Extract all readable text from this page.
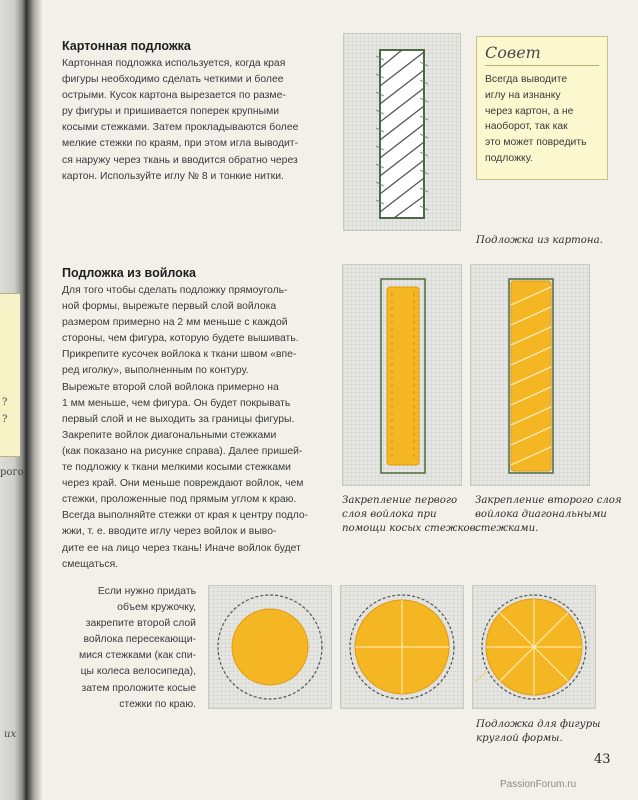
?
?
рого
их
Картонная подложка
Картонная подложка используется, когда края
фигуры необходимо сделать четкими и более
острыми. Кусок картона вырезается по разме-
ру фигуры и пришивается поперек крупными
косыми стежками. Затем прокладываются более
мелкие стежки по краям, при этом игла выводит-
ся наружу через ткань и вводится обратно через
картон. Используйте иглу № 8 и тонкие нитки.
Совет
Всегда выводите
иглу на изнанку
через картон, а не
наоборот, так как
это может повредить
подложку.
Подложка из картона.
Подложка из войлока
Для того чтобы сделать подложку прямоуголь-
ной формы, вырежьте первый слой войлока
размером примерно на 2 мм меньше с каждой
стороны, чем фигура, которую будете вышивать.
Прикрепите кусочек войлока к ткани швом «впе-
ред иголку», выполненным по контуру.
Вырежьте второй слой войлока примерно на
1 мм меньше, чем фигура. Он будет покрывать
первый слой и не выходить за границы фигуры.
Закрепите войлок диагональными стежками
(как показано на рисунке справа). Далее пришей-
те подложку к ткани мелкими косыми стежками
через край. Они меньше повреждают войлок, чем
стежки, проложенные под прямым углом к краю.
Всегда выполняйте стежки от края к центру подло-
жжи, т. е. вводите иглу через войлок и выво-
дите ее на лицо через ткань! Иначе войлок будет
смещаться.
Закрепление первого
слоя войлока при
помощи косых стежков.
Закрепление второго слоя
войлока диагональными
стежками.
Если нужно придать
объем кружочку,
закрепите второй слой
войлока пересекающи-
мися стежками (как спи-
цы колеса велосипеда),
затем проложите косые
стежки по краю.
Подложка для фигуры
круглой формы.
43
PassionForum.ru
